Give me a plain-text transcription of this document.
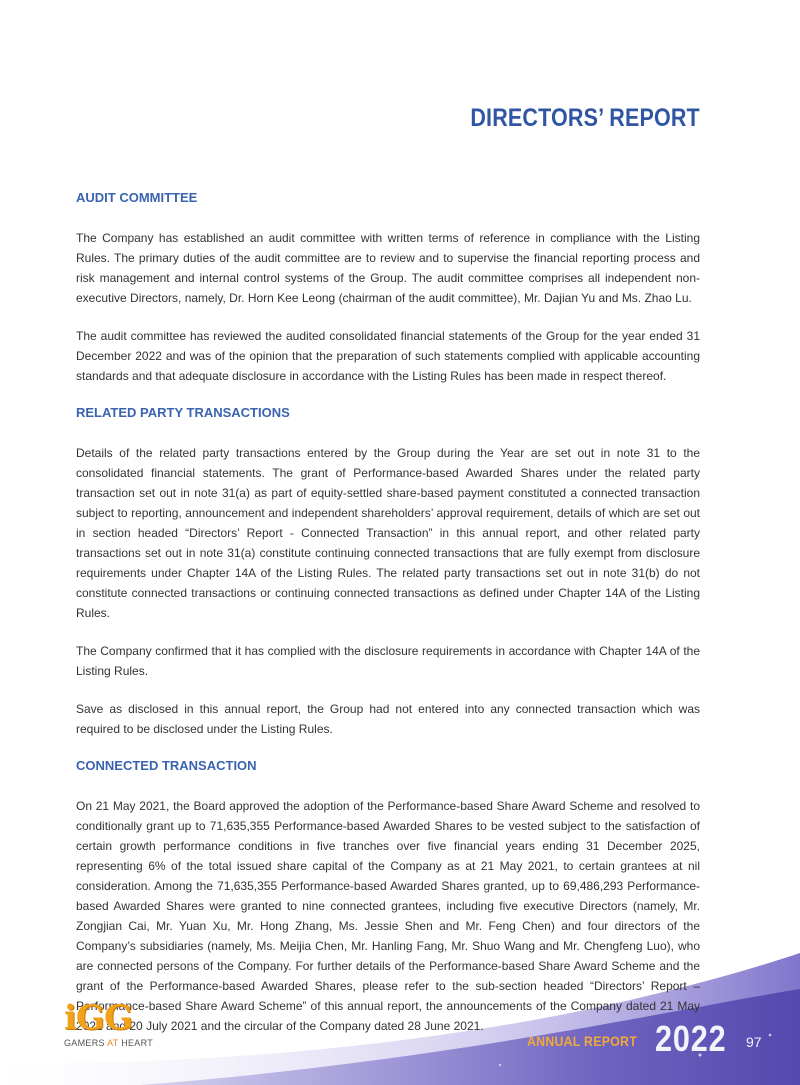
DIRECTORS’ REPORT
AUDIT COMMITTEE

The Company has established an audit committee with written terms of reference in compliance with the Listing Rules. The primary duties of the audit committee are to review and to supervise the financial reporting process and risk management and internal control systems of the Group. The audit committee comprises all independent non-executive Directors, namely, Dr. Horn Kee Leong (chairman of the audit committee), Mr. Dajian Yu and Ms. Zhao Lu.

The audit committee has reviewed the audited consolidated financial statements of the Group for the year ended 31 December 2022 and was of the opinion that the preparation of such statements complied with applicable accounting standards and that adequate disclosure in accordance with the Listing Rules has been made in respect thereof.

RELATED PARTY TRANSACTIONS

Details of the related party transactions entered by the Group during the Year are set out in note 31 to the consolidated financial statements. The grant of Performance-based Awarded Shares under the related party transaction set out in note 31(a) as part of equity-settled share-based payment constituted a connected transaction subject to reporting, announcement and independent shareholders’ approval requirement, details of which are set out in section headed “Directors’ Report - Connected Transaction” in this annual report, and other related party transactions set out in note 31(a) constitute continuing connected transactions that are fully exempt from disclosure requirements under Chapter 14A of the Listing Rules. The related party transactions set out in note 31(b) do not constitute connected transactions or continuing connected transactions as defined under Chapter 14A of the Listing Rules.

The Company confirmed that it has complied with the disclosure requirements in accordance with Chapter 14A of the Listing Rules.

Save as disclosed in this annual report, the Group had not entered into any connected transaction which was required to be disclosed under the Listing Rules.

CONNECTED TRANSACTION

On 21 May 2021, the Board approved the adoption of the Performance-based Share Award Scheme and resolved to conditionally grant up to 71,635,355 Performance-based Awarded Shares to be vested subject to the satisfaction of certain growth performance conditions in five tranches over five financial years ending 31 December 2025, representing 6% of the total issued share capital of the Company as at 21 May 2021, to certain grantees at nil consideration. Among the 71,635,355 Performance-based Awarded Shares granted, up to 69,486,293 Performance-based Awarded Shares were granted to nine connected grantees, including five executive Directors (namely, Mr. Zongjian Cai, Mr. Yuan Xu, Mr. Hong Zhang, Ms. Jessie Shen and Mr. Feng Chen) and four directors of the Company’s subsidiaries (namely, Ms. Meijia Chen, Mr. Hanling Fang, Mr. Shuo Wang and Mr. Chengfeng Luo), who are connected persons of the Company. For further details of the Performance-based Share Award Scheme and the grant of the Performance-based Awarded Shares, please refer to the sub-section headed “Directors’ Report – Performance-based Share Award Scheme” of this annual report, the announcements of the Company dated 21 May 2021 and 20 July 2021 and the circular of the Company dated 28 June 2021.

iGG
GAMERS AT HEART	ANNUAL REPORT 2022 97
